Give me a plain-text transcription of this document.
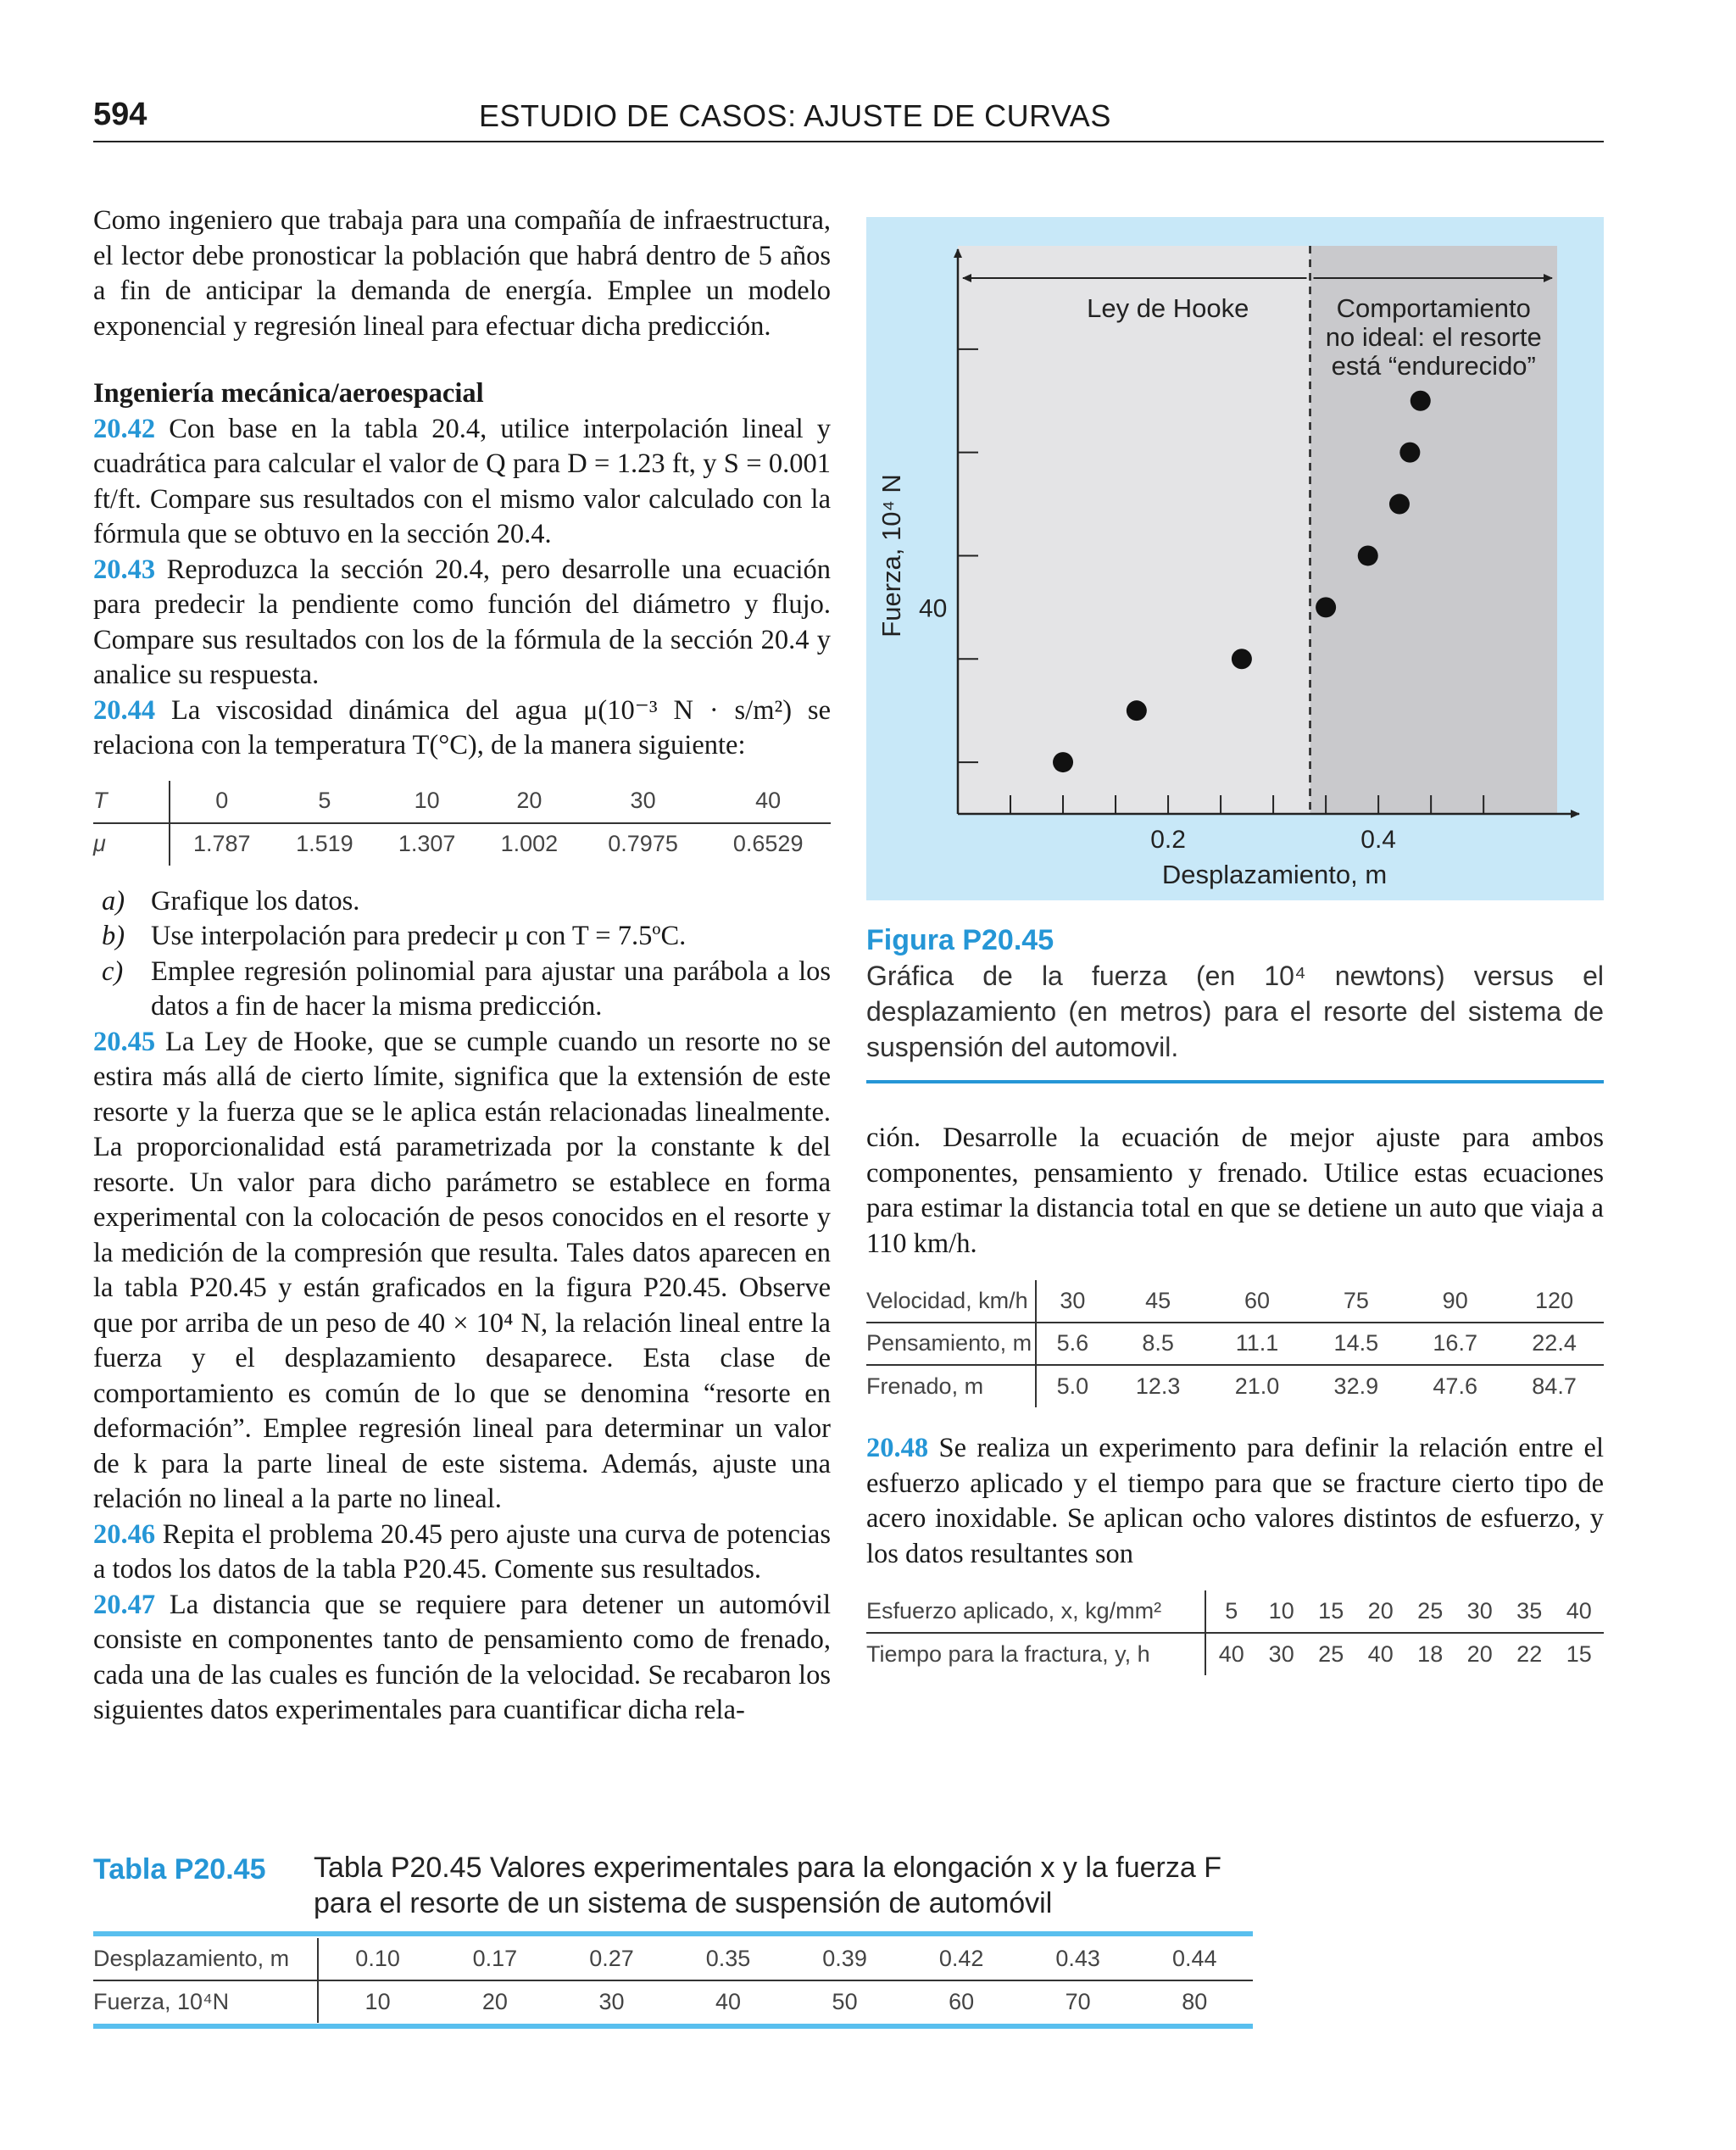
594	ESTUDIO DE CASOS: AJUSTE DE CURVAS

Como ingeniero que trabaja para una compañía de infraestructura, el lector debe pronosticar la población que habrá dentro de 5 años a fin de anticipar la demanda de energía. Emplee un modelo exponencial y regresión lineal para efectuar dicha predicción.

Ingeniería mecánica/aeroespacial

20.42 Con base en la tabla 20.4, utilice interpolación lineal y cuadrática para calcular el valor de Q para D = 1.23 ft, y S = 0.001 ft/ft. Compare sus resultados con el mismo valor calculado con la fórmula que se obtuvo en la sección 20.4.

20.43 Reproduzca la sección 20.4, pero desarrolle una ecuación para predecir la pendiente como función del diámetro y flujo. Compare sus resultados con los de la fórmula de la sección 20.4 y analice su respuesta.

20.44 La viscosidad dinámica del agua μ(10⁻³ N · s/m²) se relaciona con la temperatura T(°C), de la manera siguiente:

T	0	5	10	20	30	40
μ	1.787	1.519	1.307	1.002	0.7975	0.6529
a) Grafique los datos.
b) Use interpolación para predecir μ con T = 7.5ºC.
c) Emplee regresión polinomial para ajustar una parábola a los datos a fin de hacer la misma predicción.

20.45 La Ley de Hooke, que se cumple cuando un resorte no se estira más allá de cierto límite, significa que la extensión de este resorte y la fuerza que se le aplica están relacionadas linealmente. La proporcionalidad está parametrizada por la constante k del resorte. Un valor para dicho parámetro se establece en forma experimental con la colocación de pesos conocidos en el resorte y la medición de la compresión que resulta. Tales datos aparecen en la tabla P20.45 y están graficados en la figura P20.45. Observe que por arriba de un peso de 40 × 10⁴ N, la relación lineal entre la fuerza y el desplazamiento desaparece. Esta clase de comportamiento es común de lo que se denomina “resorte en deformación”. Emplee regresión lineal para determinar un valor de k para la parte lineal de este sistema. Además, ajuste una relación no lineal a la parte no lineal.

20.46 Repita el problema 20.45 pero ajuste una curva de potencias a todos los datos de la tabla P20.45. Comente sus resultados.

20.47 La distancia que se requiere para detener un automóvil consiste en componentes tanto de pensamiento como de frenado, cada una de las cuales es función de la velocidad. Se recabaron los siguientes datos experimentales para cuantificar dicha rela-

40
0.2	0.4
Desplazamiento, m
Fuerza, 10⁴ N
Ley de Hooke	Comportamiento
no ideal: el resorte
está “endurecido”
Figura P20.45
Gráfica de la fuerza (en 10⁴ newtons) versus el desplazamiento (en metros) para el resorte del sistema de suspensión del automovil.

ción. Desarrolle la ecuación de mejor ajuste para ambos componentes, pensamiento y frenado. Utilice estas ecuaciones para estimar la distancia total en que se detiene un auto que viaja a 110 km/h.

Velocidad, km/h	30	45	60	75	90	120
Pensamiento, m	5.6	8.5	11.1	14.5	16.7	22.4
Frenado, m	5.0	12.3	21.0	32.9	47.6	84.7

20.48 Se realiza un experimento para definir la relación entre el esfuerzo aplicado y el tiempo para que se fracture cierto tipo de acero inoxidable. Se aplican ocho valores distintos de esfuerzo, y los datos resultantes son

Esfuerzo aplicado, x, kg/mm²	5	10	15	20	25	30	35	40
Tiempo para la fractura, y, h	40	30	25	40	18	20	22	15
Tabla P20.45 Tabla P20.45 Valores experimentales para la elongación x y la fuerza F para el resorte de un sistema de suspensión de automóvil
Desplazamiento, m	0.10	0.17	0.27	0.35	0.39	0.42	0.43	0.44
Fuerza, 10⁴N	10	20	30	40	50	60	70	80
